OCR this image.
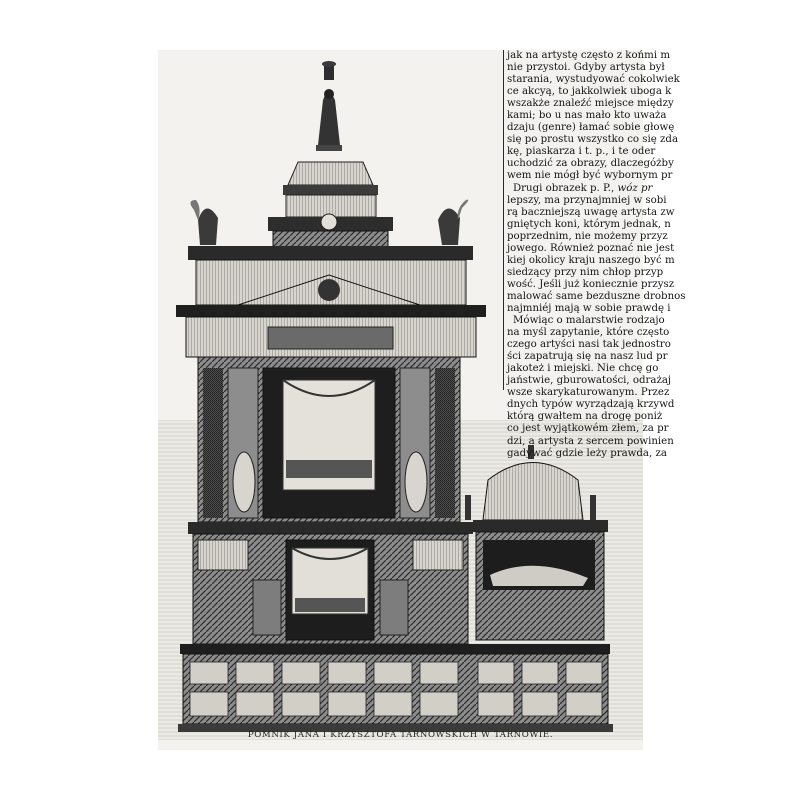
jak na artystę często z końmi m

nie przystoi. Gdyby artysta był

starania, wystudyować cokolwiek

ce akcyą, to jakkolwiek uboga k

wszakże znaleźć miejsce między

kami; bo u nas mało kto uważa

dzaju (genre) łamać sobie głowę

się po prostu wszystko co się zda

kę, piaskarza i t. p., i te oder

uchodzić za obrazy, dlaczegóżby

wem nie mógł być wybornym pr

Drugi obrazek p. P., wóz pr

lepszy, ma przynajmniej w sobi

rą baczniejszą uwagę artysta zw

gniętych koni, którym jednak, n

poprzednim, nie możemy przyz

jowego. Również poznać nie jest

kiej okolicy kraju naszego być m

siedzący przy nim chłop przyp

wość. Jeśli już koniecznie przysz

malować same bezduszne drobnos

najmniéj mają w sobie prawdę i

Mówiąc o malarstwie rodzajo

na myśl zapytanie, które często

czego artyści nasi tak jednostro

ści zapatrują się na nasz lud pr

jakoteż i miejski. Nie chcę go

jaństwie, gburowatości, odrażaj

wsze skarykaturowanym. Przez

dnych typów wyrządzają krzywd

którą gwałtem na drogę poniż

co jest wyjątkowém złem, za pr

dzi, a artysta z sercem powinien

gadywać gdzie leży prawda, za

POMNIK JANA I KRZYSZTOFA TARNOWSKICH W TARNOWIE.
